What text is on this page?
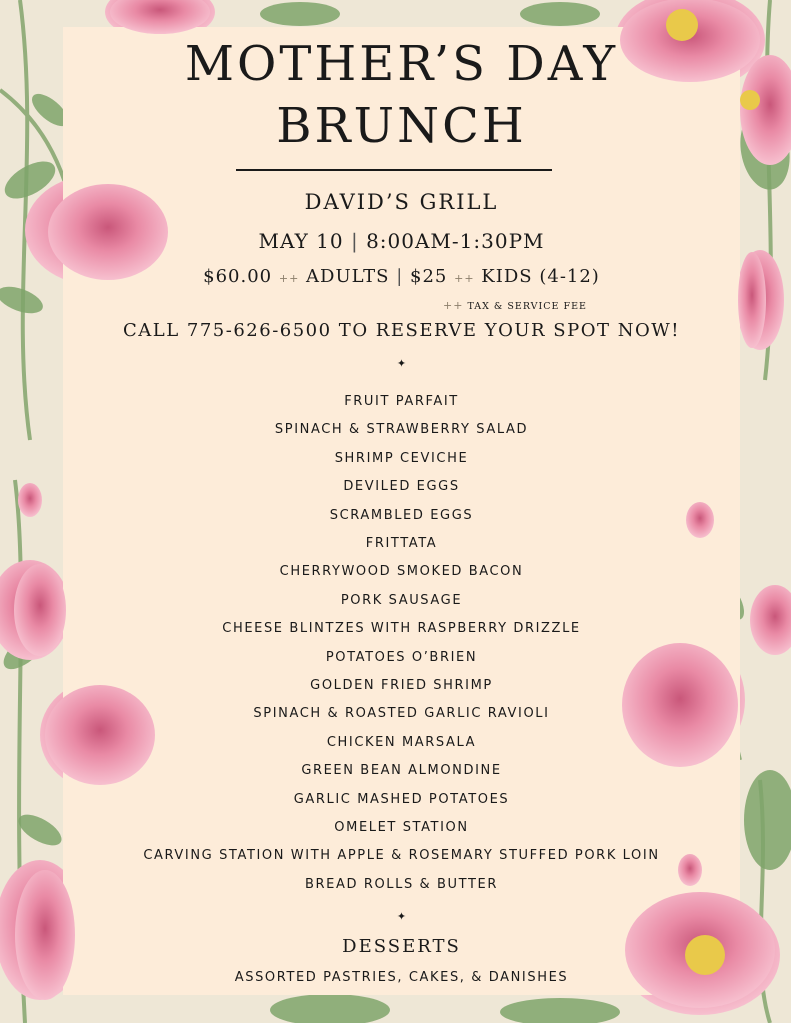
MOTHER’S DAY
BRUNCH
DAVID’S GRILL
MAY 10 | 8:00AM-1:30PM
$60.00 ++ ADULTS | $25 ++ KIDS (4-12)
++ TAX & SERVICE FEE
CALL 775-626-6500 TO RESERVE YOUR SPOT NOW!
✦
FRUIT PARFAIT
SPINACH & STRAWBERRY SALAD
SHRIMP CEVICHE
DEVILED EGGS
SCRAMBLED EGGS
FRITTATA
CHERRYWOOD SMOKED BACON
PORK SAUSAGE
CHEESE BLINTZES WITH RASPBERRY DRIZZLE
POTATOES O’BRIEN
GOLDEN FRIED SHRIMP
SPINACH & ROASTED GARLIC RAVIOLI
CHICKEN MARSALA
GREEN BEAN ALMONDINE
GARLIC MASHED POTATOES
OMELET STATION
CARVING STATION WITH APPLE & ROSEMARY STUFFED PORK LOIN
BREAD ROLLS & BUTTER
✦
DESSERTS
ASSORTED PASTRIES, CAKES, & DANISHES
